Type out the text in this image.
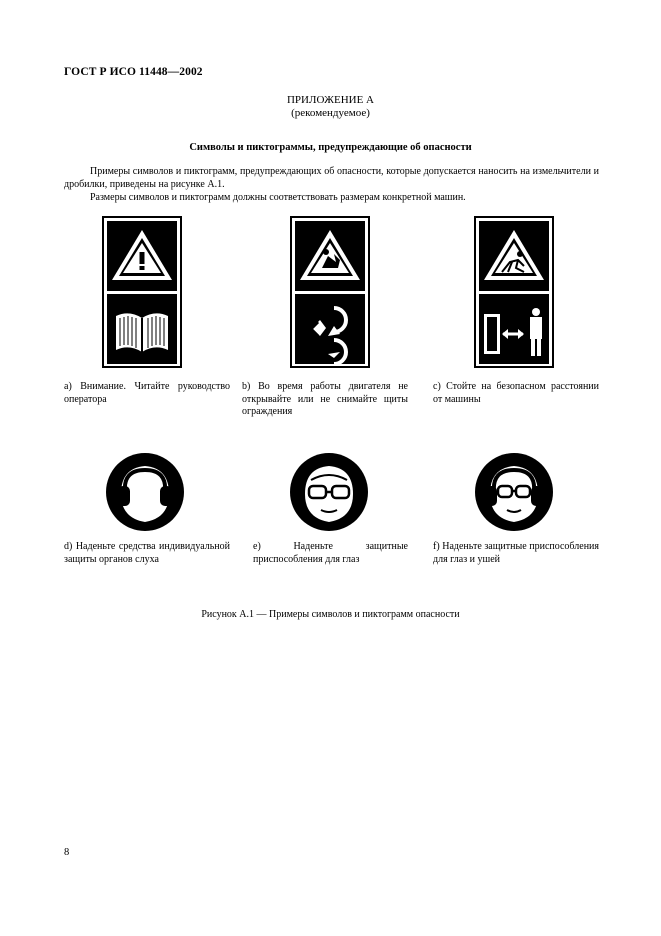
ГОСТ Р ИСО 11448—2002
ПРИЛОЖЕНИЕ А
(рекомендуемое)
Символы и пиктограммы, предупреждающие об опасности
Примеры символов и пиктограмм, предупреждающих об опасности, которые допускается наносить на измельчители и дробилки, приведены на рисунке А.1.
Размеры символов и пиктограмм должны соответствовать размерам конкретной машин.
a) Внимание. Читайте руководство оператора
b) Во время работы двигателя не открывайте или не снимайте щиты ограждения
c) Стойте на безопасном расстоянии от машины
d) Наденьте средства индивидуальной защиты органов слуха
e) Наденьте защитные приспособления для глаз
f) Наденьте защитные приспособления для глаз и ушей
Рисунок А.1 — Примеры символов и пиктограмм опасности
8
